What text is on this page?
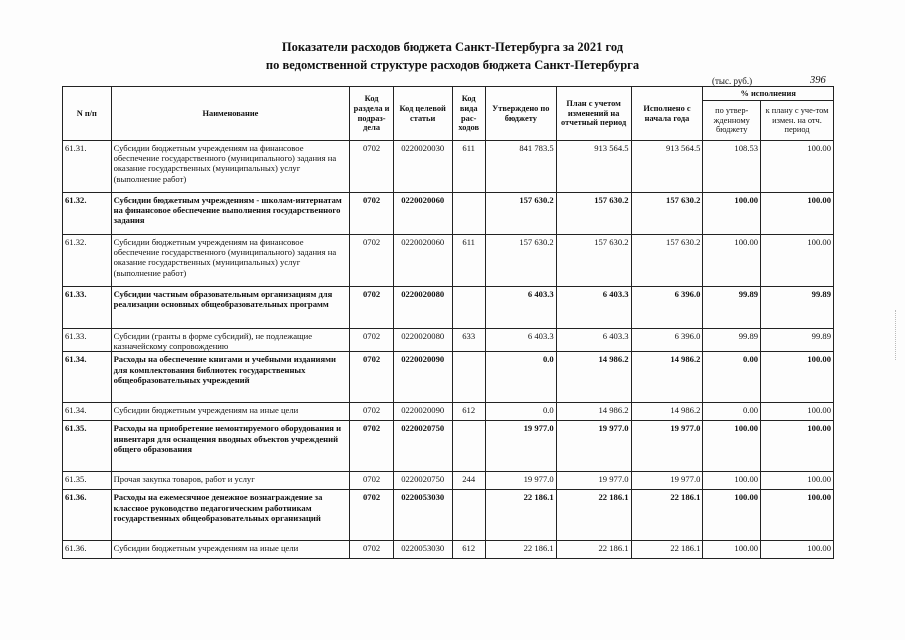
Показатели расходов бюджета Санкт-Петербурга за 2021 год
по ведомственной структуре расходов бюджета Санкт-Петербурга
(тыс. руб.)	396
N п/п	Наименование	Код раздела и подраз-дела	Код целевой статьи	Код вида рас-ходов	Утверждено по бюджету	План с учетом изменений на отчетный период	Исполнено с начала года	% исполнения	
								по утвер-жденному бюджету	к плану с уче-том измен. на отч. период
61.31.	Субсидии бюджетным учреждениям на финансовое обеспечение государственного (муниципального) задания на оказание государственных (муниципальных) услуг (выполнение работ)	0702	0220020030	611	841 783.5	913 564.5	913 564.5	108.53	100.00
61.32.	Субсидии бюджетным учреждениям - школам-интернатам на финансовое обеспечение выполнения государственного задания	0702	0220020060		157 630.2	157 630.2	157 630.2	100.00	100.00
61.32.	Субсидии бюджетным учреждениям на финансовое обеспечение государственного (муниципального) задания на оказание государственных (муниципальных) услуг (выполнение работ)	0702	0220020060	611	157 630.2	157 630.2	157 630.2	100.00	100.00
61.33.	Субсидии частным образовательным организациям для реализации основных общеобразовательных программ	0702	0220020080		6 403.3	6 403.3	6 396.0	99.89	99.89
61.33.	Субсидии (гранты в форме субсидий), не подлежащие казначейскому сопровождению	0702	0220020080	633	6 403.3	6 403.3	6 396.0	99.89	99.89
61.34.	Расходы на обеспечение книгами и учебными изданиями для комплектования библиотек государственных общеобразовательных учреждений	0702	0220020090		0.0	14 986.2	14 986.2	0.00	100.00
61.34.	Субсидии бюджетным учреждениям на иные цели	0702	0220020090	612	0.0	14 986.2	14 986.2	0.00	100.00
61.35.	Расходы на приобретение немонтируемого оборудования и инвентаря для оснащения вводных объектов учреждений общего образования	0702	0220020750		19 977.0	19 977.0	19 977.0	100.00	100.00
61.35.	Прочая закупка товаров, работ и услуг	0702	0220020750	244	19 977.0	19 977.0	19 977.0	100.00	100.00
61.36.	Расходы на ежемесячное денежное вознаграждение за классное руководство педагогическим работникам государственных общеобразовательных организаций	0702	0220053030		22 186.1	22 186.1	22 186.1	100.00	100.00
61.36.	Субсидии бюджетным учреждениям на иные цели	0702	0220053030	612	22 186.1	22 186.1	22 186.1	100.00	100.00
